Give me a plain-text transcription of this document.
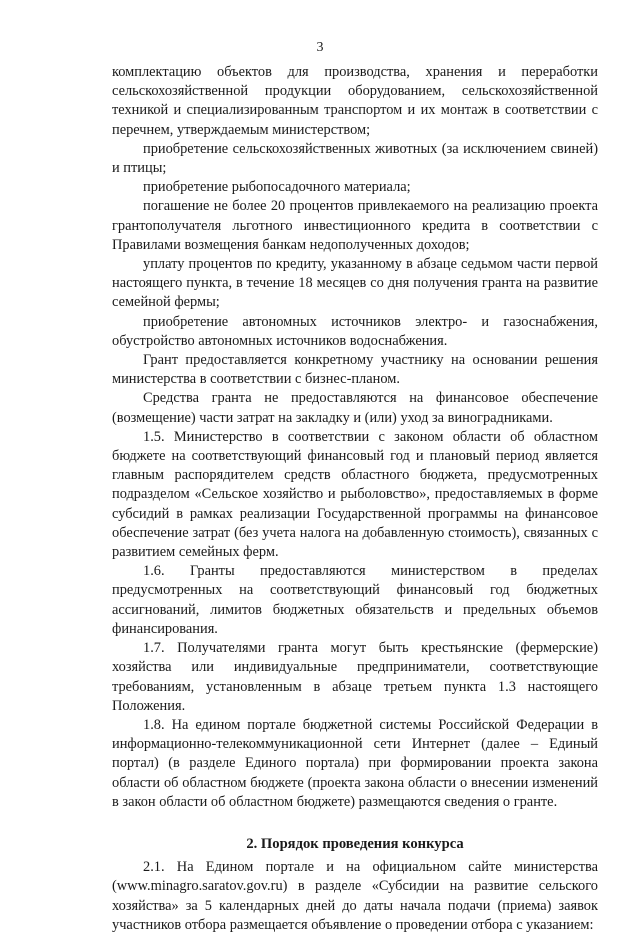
3

комплектацию объектов для производства, хранения и переработки сельскохозяйственной продукции оборудованием, сельскохозяйственной техникой и специализированным транспортом и их монтаж в соответствии с перечнем, утверждаемым министерством;

приобретение сельскохозяйственных животных (за исключением свиней) и птицы;

приобретение рыбопосадочного материала;

погашение не более 20 процентов привлекаемого на реализацию проекта грантополучателя льготного инвестиционного кредита в соответствии с Правилами возмещения банкам недополученных доходов;

уплату процентов по кредиту, указанному в абзаце седьмом части первой настоящего пункта, в течение 18 месяцев со дня получения гранта на развитие семейной фермы;

приобретение автономных источников электро- и газоснабжения, обустройство автономных источников водоснабжения.

Грант предоставляется конкретному участнику на основании решения министерства в соответствии с бизнес-планом.

Средства гранта не предоставляются на финансовое обеспечение (возмещение) части затрат на закладку и (или) уход за виноградниками.

1.5. Министерство в соответствии с законом области об областном бюджете на соответствующий финансовый год и плановый период является главным распорядителем средств областного бюджета, предусмотренных подразделом «Сельское хозяйство и рыболовство», предоставляемых в форме субсидий в рамках реализации Государственной программы на финансовое обеспечение затрат (без учета налога на добавленную стоимость), связанных с развитием семейных ферм.

1.6. Гранты предоставляются министерством в пределах предусмотренных на соответствующий финансовый год бюджетных ассигнований, лимитов бюджетных обязательств и предельных объемов финансирования.

1.7. Получателями гранта могут быть крестьянские (фермерские) хозяйства или индивидуальные предприниматели, соответствующие требованиям, установленным в абзаце третьем пункта 1.3 настоящего Положения.

1.8. На едином портале бюджетной системы Российской Федерации в информационно-телекоммуникационной сети Интернет (далее – Единый портал) (в разделе Единого портала) при формировании проекта закона области об областном бюджете (проекта закона области о внесении изменений в закон области об областном бюджете) размещаются сведения о гранте.

2. Порядок проведения конкурса

2.1. На Едином портале и на официальном сайте министерства (www.minagro.saratov.gov.ru) в разделе «Субсидии на развитие сельского хозяйства» за 5 календарных дней до даты начала подачи (приема) заявок участников отбора размещается объявление о проведении отбора с указанием:
